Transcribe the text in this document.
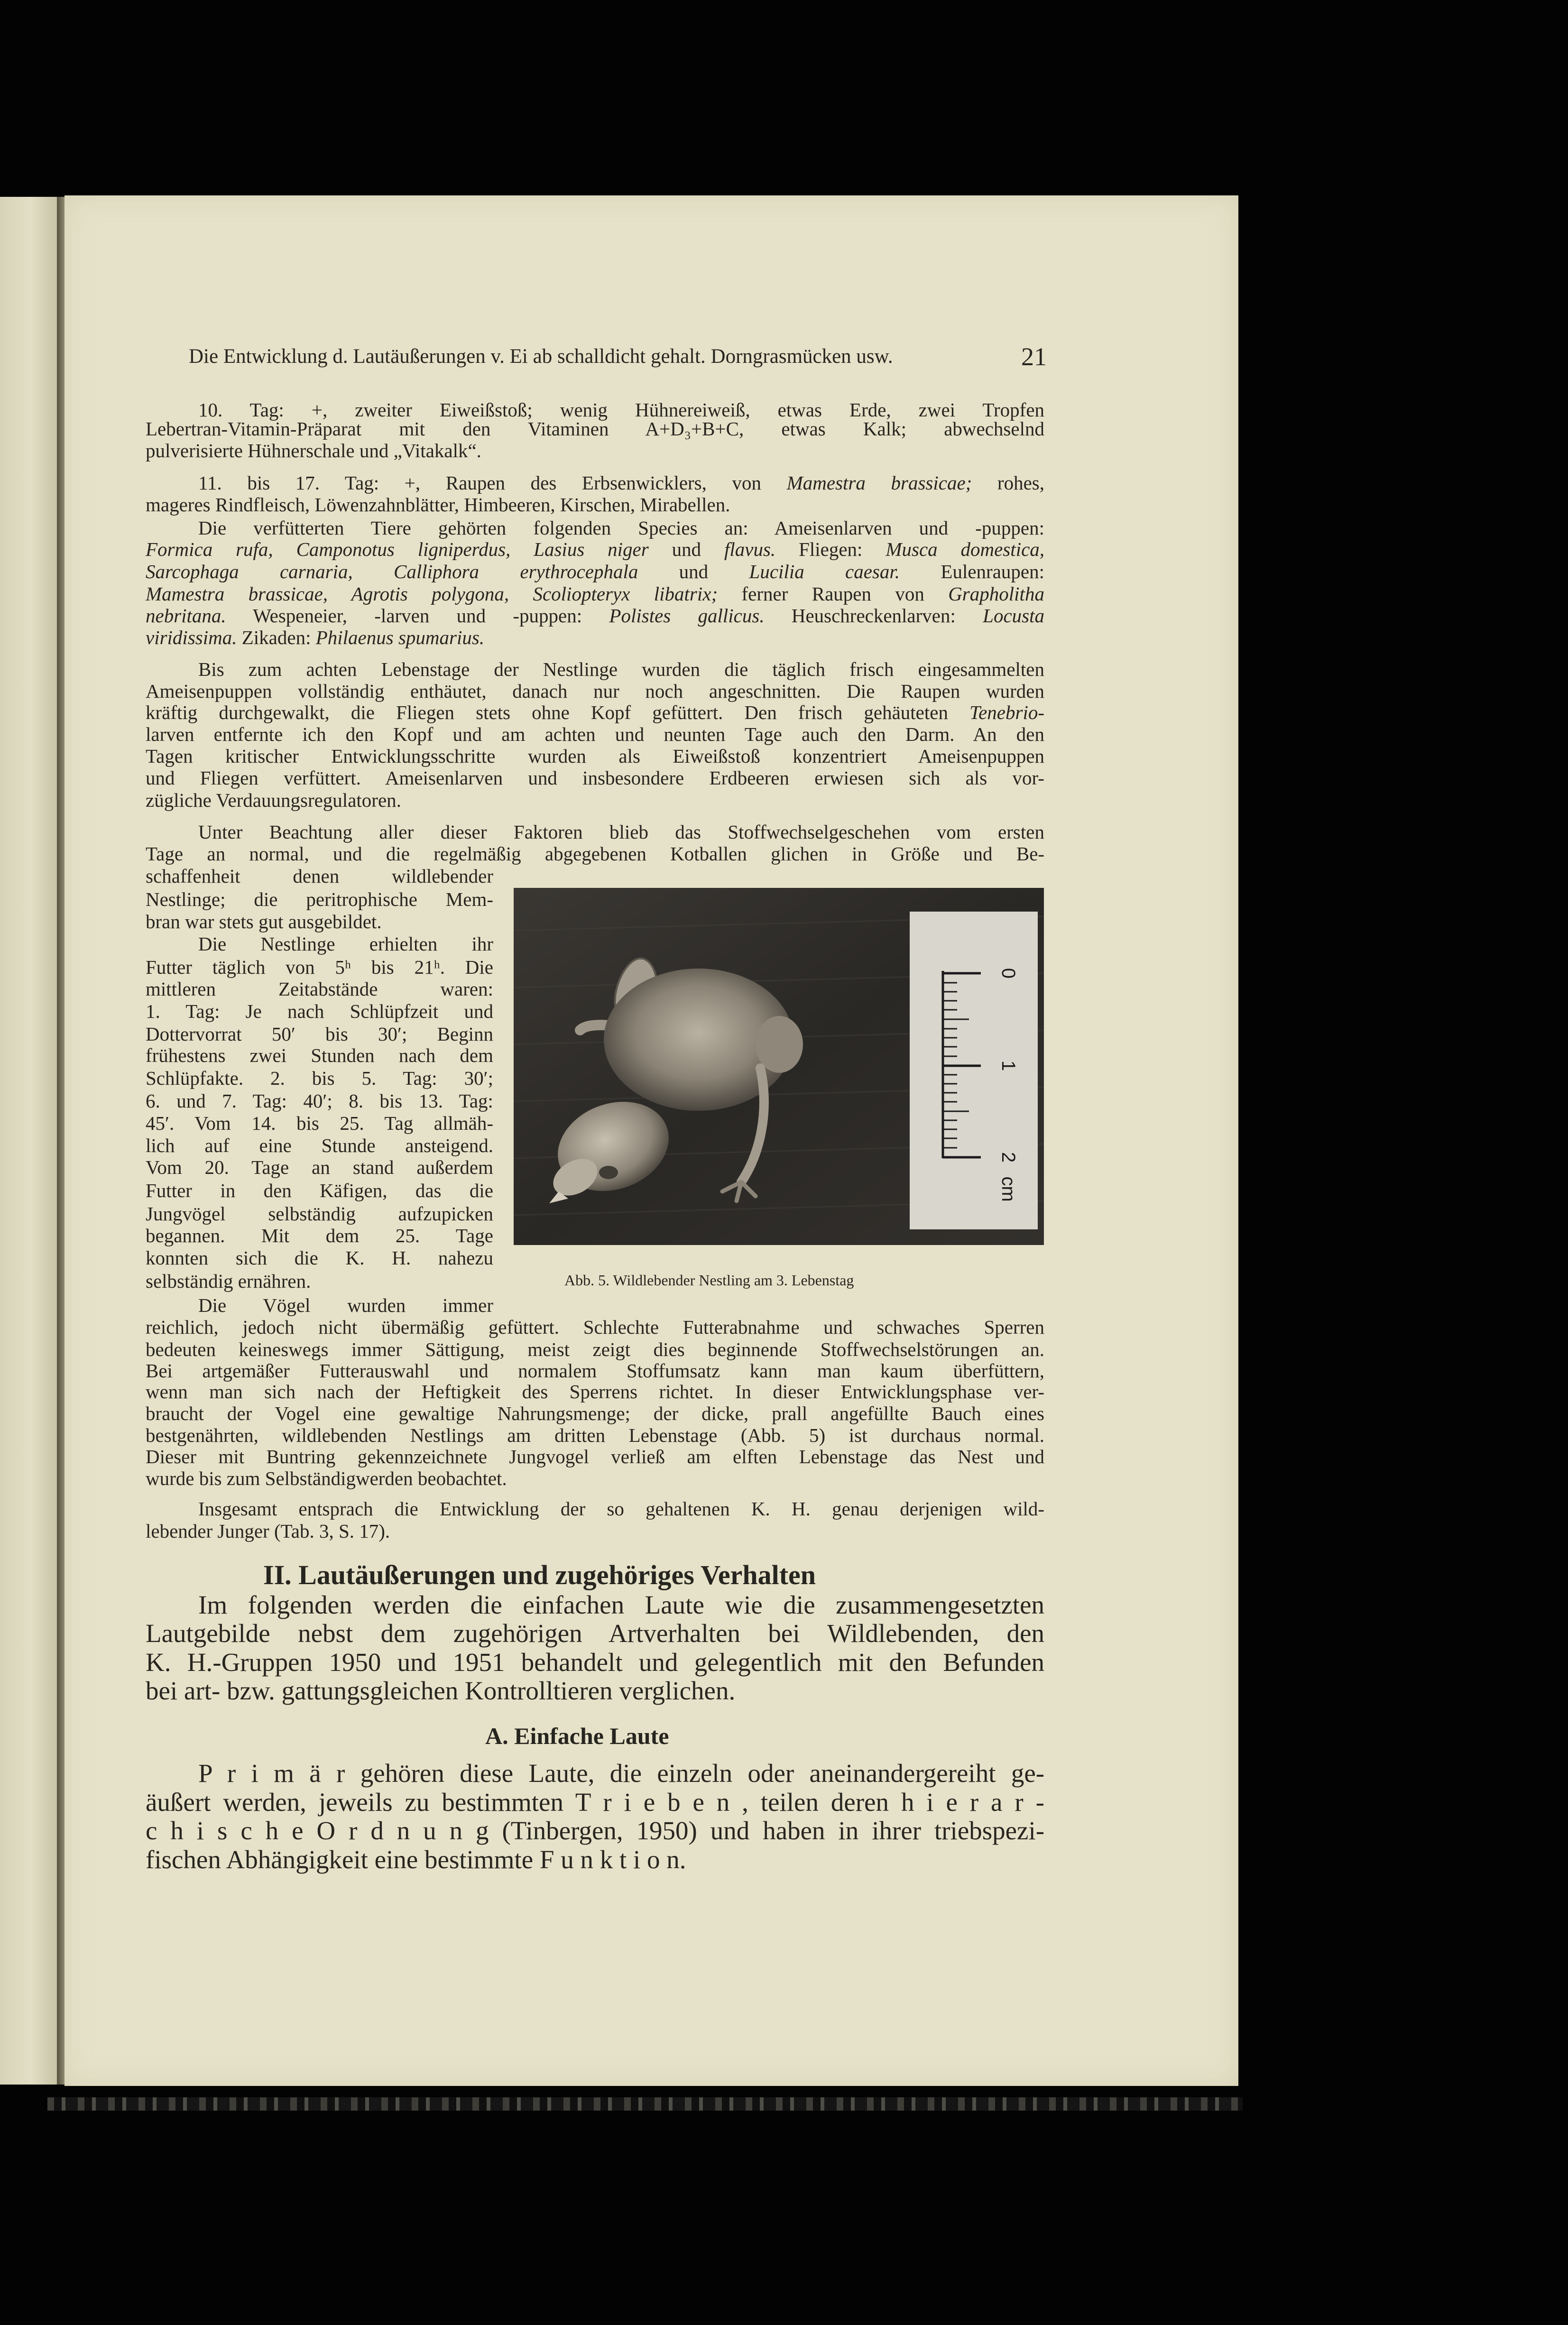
Die Entwicklung d. Lautäußerungen v. Ei ab schalldicht gehalt. Dorngrasmücken usw.	21

10. Tag: +, zweiter Eiweißstoß; wenig Hühnereiweiß, etwas Erde, zwei Tropfen

Lebertran-Vitamin-Präparat mit den Vitaminen A+D₃+B+C, etwas Kalk; abwechselnd

pulverisierte Hühnerschale und „Vitakalk“.

11. bis 17. Tag: +, Raupen des Erbsenwicklers, von Mamestra brassicae; rohes,

mageres Rindfleisch, Löwenzahnblätter, Himbeeren, Kirschen, Mirabellen.

Die verfütterten Tiere gehörten folgenden Species an: Ameisenlarven und -puppen:

Formica rufa, Camponotus ligniperdus, Lasius niger und flavus. Fliegen: Musca domestica,

Sarcophaga carnaria, Calliphora erythrocephala und Lucilia caesar. Eulenraupen:

Mamestra brassicae, Agrotis polygona, Scoliopteryx libatrix; ferner Raupen von Grapholitha

nebritana. Wespeneier, -larven und -puppen: Polistes gallicus. Heuschreckenlarven: Locusta

viridissima. Zikaden: Philaenus spumarius.

Bis zum achten Lebenstage der Nestlinge wurden die täglich frisch eingesammelten

Ameisenpuppen vollständig enthäutet, danach nur noch angeschnitten. Die Raupen wurden

kräftig durchgewalkt, die Fliegen stets ohne Kopf gefüttert. Den frisch gehäuteten Tenebrio-

larven entfernte ich den Kopf und am achten und neunten Tage auch den Darm. An den

Tagen kritischer Entwicklungsschritte wurden als Eiweißstoß konzentriert Ameisenpuppen

und Fliegen verfüttert. Ameisenlarven und insbesondere Erdbeeren erwiesen sich als vor-

zügliche Verdauungsregulatoren.

Unter Beachtung aller dieser Faktoren blieb das Stoffwechselgeschehen vom ersten

Tage an normal, und die regelmäßig abgegebenen Kotballen glichen in Größe und Be-

schaffenheit denen wildlebender

Nestlinge; die peritrophische Mem-

bran war stets gut ausgebildet.

Die Nestlinge erhielten ihr

Futter täglich von 5ʰ bis 21ʰ. Die

mittleren Zeitabstände waren:

1. Tag: Je nach Schlüpfzeit und

Dottervorrat 50′ bis 30′; Beginn

frühestens zwei Stunden nach dem

Schlüpfakte. 2. bis 5. Tag: 30′;

6. und 7. Tag: 40′; 8. bis 13. Tag:

45′. Vom 14. bis 25. Tag allmäh-

lich auf eine Stunde ansteigend.

Vom 20. Tage an stand außerdem

Futter in den Käfigen, das die

Jungvögel selbständig aufzupicken

begannen. Mit dem 25. Tage

konnten sich die K. H. nahezu

selbständig ernähren.

Die Vögel wurden immer

reichlich, jedoch nicht übermäßig gefüttert. Schlechte Futterabnahme und schwaches Sperren

bedeuten keineswegs immer Sättigung, meist zeigt dies beginnende Stoffwechselstörungen an.

Bei artgemäßer Futterauswahl und normalem Stoffumsatz kann man kaum überfüttern,

wenn man sich nach der Heftigkeit des Sperrens richtet. In dieser Entwicklungsphase ver-

braucht der Vogel eine gewaltige Nahrungsmenge; der dicke, prall angefüllte Bauch eines

bestgenährten, wildlebenden Nestlings am dritten Lebenstage (Abb. 5) ist durchaus normal.

Dieser mit Buntring gekennzeichnete Jungvogel verließ am elften Lebenstage das Nest und

wurde bis zum Selbständigwerden beobachtet.

Insgesamt entsprach die Entwicklung der so gehaltenen K. H. genau derjenigen wild-

lebender Junger (Tab. 3, S. 17).

II. Lautäußerungen und zugehöriges Verhalten

Im folgenden werden die einfachen Laute wie die zusammengesetzten

Lautgebilde nebst dem zugehörigen Artverhalten bei Wildlebenden, den

K. H.-Gruppen 1950 und 1951 behandelt und gelegentlich mit den Befunden

bei art- bzw. gattungsgleichen Kontrolltieren verglichen.

A. Einfache Laute

P r i m ä r gehören diese Laute, die einzeln oder aneinandergereiht ge-

äußert werden, jeweils zu bestimmten T r i e b e n , teilen deren h i e r a r -

c h i s c h e O r d n u n g (Tinbergen, 1950) und haben in ihrer triebspezi-

fischen Abhängigkeit eine bestimmte F u n k t i o n.

0
1
2
cm

Abb. 5. Wildlebender Nestling am 3. Lebenstag
